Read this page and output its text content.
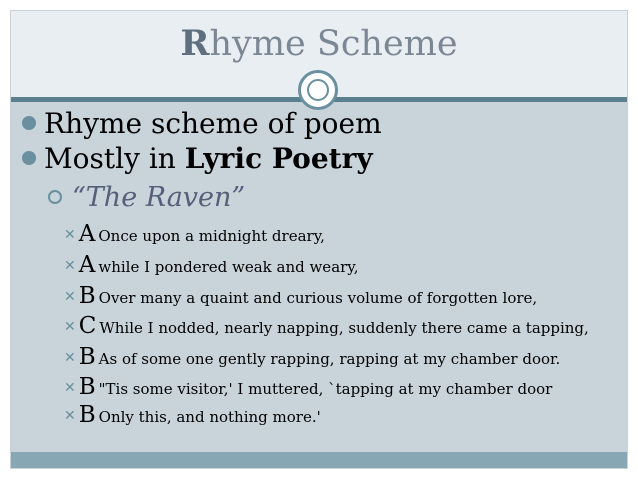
Rhyme Scheme
Rhyme scheme of poem
Mostly in Lyric Poetry
“The Raven”
✕ A Once upon a midnight dreary,
✕ A while I pondered weak and weary,
✕ B Over many a quaint and curious volume of forgotten lore,
✕ C While I nodded, nearly napping, suddenly there came a tapping,
✕ B As of some one gently rapping, rapping at my chamber door.
✕ B "Tis some visitor,' I muttered, `tapping at my chamber door
✕ B Only this, and nothing more.'
